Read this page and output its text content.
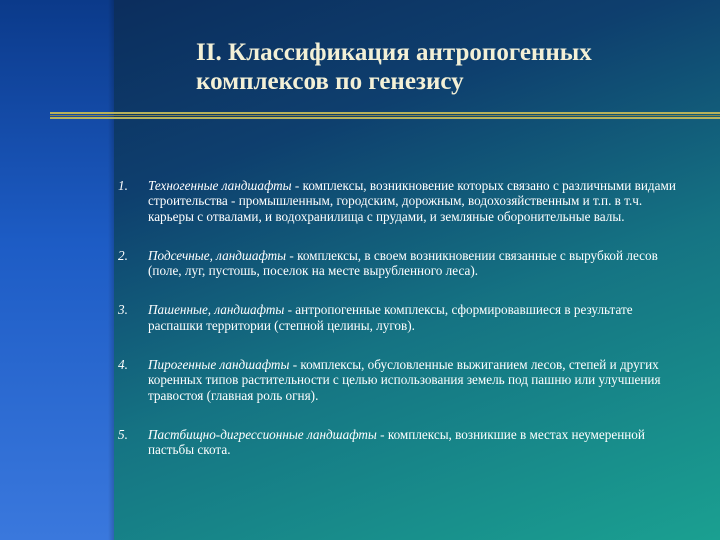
II. Классификация антропогенных
комплексов по генезису
1. Техногенные ландшафты - комплексы, возникновение которых связано с различными видами строительства - промышленным, городским, дорожным, водохозяйственным и т.п. в т.ч. карьеры с отвалами, и водохранилища с прудами, и земляные оборонительные валы.
2. Подсечные, ландшафты - комплексы, в своем возникновении связанные с вырубкой лесов (поле, луг, пустошь, поселок на месте вырубленного леса).
3. Пашенные, ландшафты - антропогенные комплексы, сформировавшиеся в результате распашки территории (степной целины, лугов).
4. Пирогенные ландшафты - комплексы, обусловленные выжиганием лесов, степей и других коренных типов растительности с целью использования земель под пашню или улучшения травостоя (главная роль огня).
5. Пастбищно-дигрессионные ландшафты - комплексы, возникшие в местах неумеренной пастьбы скота.
